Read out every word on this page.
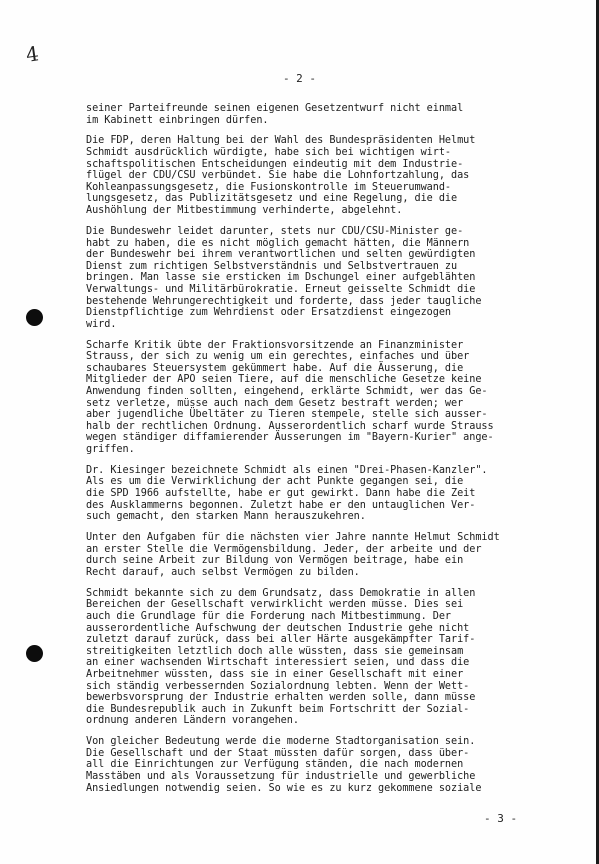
4
- 2 -
seiner Parteifreunde seinen eigenen Gesetzentwurf nicht einmal
im Kabinett einbringen dürfen.
Die FDP, deren Haltung bei der Wahl des Bundespräsidenten Helmut
Schmidt ausdrücklich würdigte, habe sich bei wichtigen wirt-
schaftspolitischen Entscheidungen eindeutig mit dem Industrie-
flügel der CDU/CSU verbündet. Sie habe die Lohnfortzahlung, das
Kohleanpassungsgesetz, die Fusionskontrolle im Steuerumwand-
lungsgesetz, das Publizitätsgesetz und eine Regelung, die die
Aushöhlung der Mitbestimmung verhinderte, abgelehnt.
Die Bundeswehr leidet darunter, stets nur CDU/CSU-Minister ge-
habt zu haben, die es nicht möglich gemacht hätten, die Männern
der Bundeswehr bei ihrem verantwortlichen und selten gewürdigten
Dienst zum richtigen Selbstverständnis und Selbstvertrauen zu
bringen. Man lasse sie ersticken im Dschungel einer aufgeblähten
Verwaltungs- und Militärbürokratie. Erneut geisselte Schmidt die
bestehende Wehrungerechtigkeit und forderte, dass jeder taugliche
Dienstpflichtige zum Wehrdienst oder Ersatzdienst eingezogen
wird.
Scharfe Kritik übte der Fraktionsvorsitzende an Finanzminister
Strauss, der sich zu wenig um ein gerechtes, einfaches und über
schaubares Steuersystem gekümmert habe. Auf die Äusserung, die
Mitglieder der APO seien Tiere, auf die menschliche Gesetze keine
Anwendung finden sollten, eingehend, erklärte Schmidt, wer das Ge-
setz verletze, müsse auch nach dem Gesetz bestraft werden; wer
aber jugendliche Übeltäter zu Tieren stempele, stelle sich ausser-
halb der rechtlichen Ordnung. Ausserordentlich scharf wurde Strauss
wegen ständiger diffamierender Äusserungen im "Bayern-Kurier" ange-
griffen.
Dr. Kiesinger bezeichnete Schmidt als einen "Drei-Phasen-Kanzler".
Als es um die Verwirklichung der acht Punkte gegangen sei, die
die SPD 1966 aufstellte, habe er gut gewirkt. Dann habe die Zeit
des Ausklammerns begonnen. Zuletzt habe er den untauglichen Ver-
such gemacht, den starken Mann herauszukehren.
Unter den Aufgaben für die nächsten vier Jahre nannte Helmut Schmidt
an erster Stelle die Vermögensbildung. Jeder, der arbeite und der
durch seine Arbeit zur Bildung von Vermögen beitrage, habe ein
Recht darauf, auch selbst Vermögen zu bilden.
Schmidt bekannte sich zu dem Grundsatz, dass Demokratie in allen
Bereichen der Gesellschaft verwirklicht werden müsse. Dies sei
auch die Grundlage für die Forderung nach Mitbestimmung. Der
ausserordentliche Aufschwung der deutschen Industrie gehe nicht
zuletzt darauf zurück, dass bei aller Härte ausgekämpfter Tarif-
streitigkeiten letztlich doch alle wüssten, dass sie gemeinsam
an einer wachsenden Wirtschaft interessiert seien, und dass die
Arbeitnehmer wüssten, dass sie in einer Gesellschaft mit einer
sich ständig verbessernden Sozialordnung lebten. Wenn der Wett-
bewerbsvorsprung der Industrie erhalten werden solle, dann müsse
die Bundesrepublik auch in Zukunft beim Fortschritt der Sozial-
ordnung anderen Ländern vorangehen.
Von gleicher Bedeutung werde die moderne Stadtorganisation sein.
Die Gesellschaft und der Staat müssten dafür sorgen, dass über-
all die Einrichtungen zur Verfügung ständen, die nach modernen
Masstäben und als Voraussetzung für industrielle und gewerbliche
Ansiedlungen notwendig seien. So wie es zu kurz gekommene soziale
- 3 -
